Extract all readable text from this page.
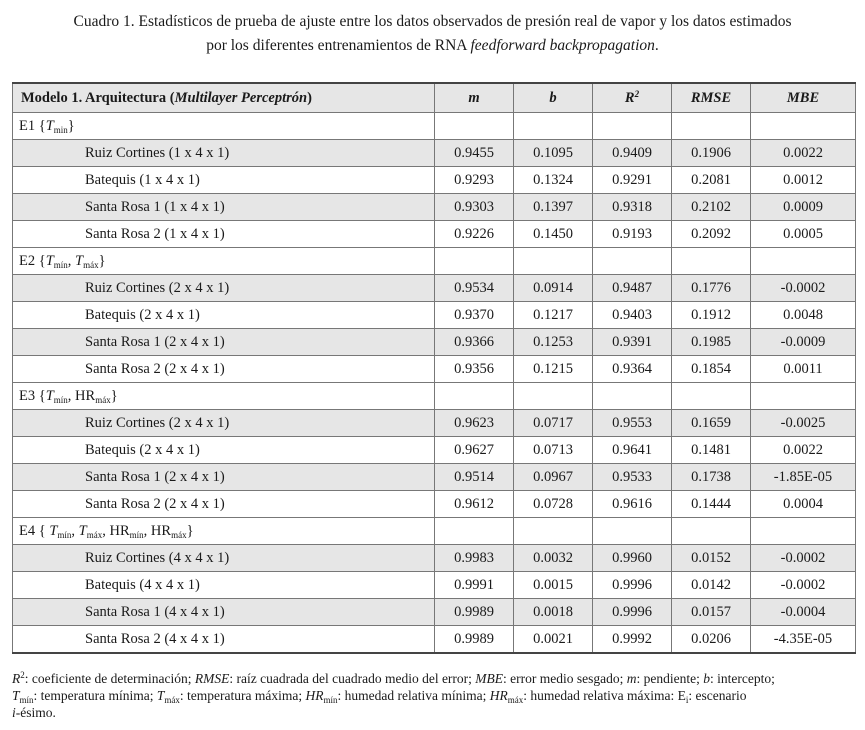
Cuadro 1. Estadísticos de prueba de ajuste entre los datos observados de presión real de vapor y los datos estimados
por los diferentes entrenamientos de RNA feedforward backpropagation.
Modelo 1. Arquitectura (Multilayer Perceptrón)	m	b	$R^2$	RMSE	MBE
E1 $\{T_{min}\}$					
Ruiz Cortines (1 x 4 x 1)	0.9455	0.1095	0.9409	0.1906	0.0022
Batequis (1 x 4 x 1)	0.9293	0.1324	0.9291	0.2081	0.0012
Santa Rosa 1 (1 x 4 x 1)	0.9303	0.1397	0.9318	0.2102	0.0009
Santa Rosa 2 (1 x 4 x 1)	0.9226	0.1450	0.9193	0.2092	0.0005
E2 {$T_{mín}$, $T_{máx}$}					
Ruiz Cortines (2 x 4 x 1)	0.9534	0.0914	0.9487	0.1776	-0.0002
Batequis (2 x 4 x 1)	0.9370	0.1217	0.9403	0.1912	0.0048
Santa Rosa 1 (2 x 4 x 1)	0.9366	0.1253	0.9391	0.1985	-0.0009
Santa Rosa 2 (2 x 4 x 1)	0.9356	0.1215	0.9364	0.1854	0.0011
E3 {$T_{mín}$, $HR_{máx}$}					
Ruiz Cortines (2 x 4 x 1)	0.9623	0.0717	0.9553	0.1659	-0.0025
Batequis (2 x 4 x 1)	0.9627	0.0713	0.9641	0.1481	0.0022
Santa Rosa 1 (2 x 4 x 1)	0.9514	0.0967	0.9533	0.1738	-1.85E-05
Santa Rosa 2 (2 x 4 x 1)	0.9612	0.0728	0.9616	0.1444	0.0004
E4 { $T_{mín}$, $T_{máx}$, $HR_{mín}$, $HR_{máx}$}					
Ruiz Cortines (4 x 4 x 1)	0.9983	0.0032	0.9960	0.0152	-0.0002
Batequis (4 x 4 x 1)	0.9991	0.0015	0.9996	0.0142	-0.0002
Santa Rosa 1 (4 x 4 x 1)	0.9989	0.0018	0.9996	0.0157	-0.0004
Santa Rosa 2 (4 x 4 x 1)	0.9989	0.0021	0.9992	0.0206	-4.35E-05
$R^2$: coeficiente de determinación; RMSE: raíz cuadrada del cuadrado medio del error; MBE: error medio sesgado; m: pendiente; b: intercepto;
$T_{mín}$: temperatura mínima; $T_{máx}$: temperatura máxima; $HR_{mín}$: humedad relativa mínima; $HR_{máx}$: humedad relativa máxima: $E_i$: escenario
i-ésimo.
